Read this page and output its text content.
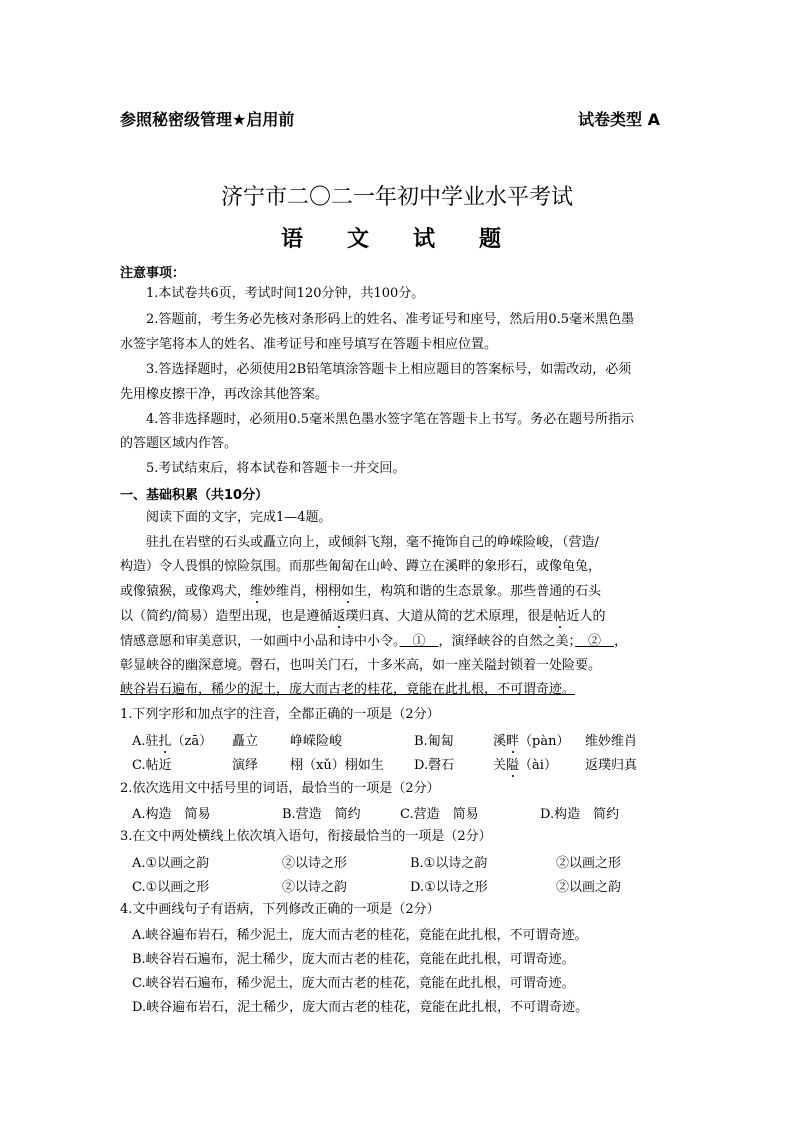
参照秘密级管理★启用前	试卷类型 A
济宁市二〇二一年初中学业水平考试
语　　文　　试　　题
注意事项：
1.本试卷共6页，考试时间120分钟，共100分。
2.答题前，考生务必先核对条形码上的姓名、准考证号和座号，然后用0.5毫米黑色墨
水签字笔将本人的姓名、准考证号和座号填写在答题卡相应位置。
3.答选择题时，必须使用2B铅笔填涂答题卡上相应题目的答案标号，如需改动，必须
先用橡皮擦干净，再改涂其他答案。
4.答非选择题时，必须用0.5毫米黑色墨水签字笔在答题卡上书写。务必在题号所指示
的答题区域内作答。
5.考试结束后，将本试卷和答题卡一并交回。
一、基础积累（共10分）
阅读下面的文字，完成1—4题。
驻扎在岩壁的石头或矗立向上，或倾斜飞翔，毫不掩饰自己的峥嵘险峻，（营造/
构造）令人畏惧的惊险氛围。而那些匍匐在山岭、蹲立在溪畔的象形石，或像龟兔，
或像猿猴，或像鸡犬，维妙维肖，栩栩如生，构筑和谐的生态景象。那些普通的石头
以（简约/简易）造型出现，也是遵循返璞归真、大道从简的艺术原理，很是帖近人的
情感意愿和审美意识，一如画中小品和诗中小令。　①　，演绎峡谷的自然之美；　②　，
彰显峡谷的幽深意境。磬石，也叫关门石，十多米高，如一座关隘封锁着一处险要。
峡谷岩石遍布，稀少的泥土，庞大而古老的桂花，竟能在此扎根，不可谓奇迹。
1.下列字形和加点字的注音，全都正确的一项是（2分）
A.驻扎（zā） 矗立 峥嵘险峻	B.匍匐	溪畔（pàn） 维妙维肖
C.帖近	演绎 栩（xǔ）栩如生 D.磬石	关隘（ài） 返璞归真
2.依次选用文中括号里的词语，最恰当的一项是（2分）
A.构造　简易	B.营造　简约	C.营造　简易	D.构造　简约
3.在文中两处横线上依次填入语句，衔接最恰当的一项是（2分）
A.①以画之韵	②以诗之形	B.①以诗之韵	②以画之形
C.①以画之形	②以诗之韵	D.①以诗之形	②以画之韵
4.文中画线句子有语病，下列修改正确的一项是（2分）
A.峡谷遍布岩石，稀少泥土，庞大而古老的桂花，竟能在此扎根，不可谓奇迹。
B.峡谷岩石遍布，泥土稀少，庞大而古老的桂花，竟能在此扎根，可谓奇迹。
C.峡谷岩石遍布，稀少泥土，庞大而古老的桂花，竟能在此扎根，可谓奇迹。
D.峡谷遍布岩石，泥土稀少，庞大而古老的桂花，竟能在此扎根，不可谓奇迹。
